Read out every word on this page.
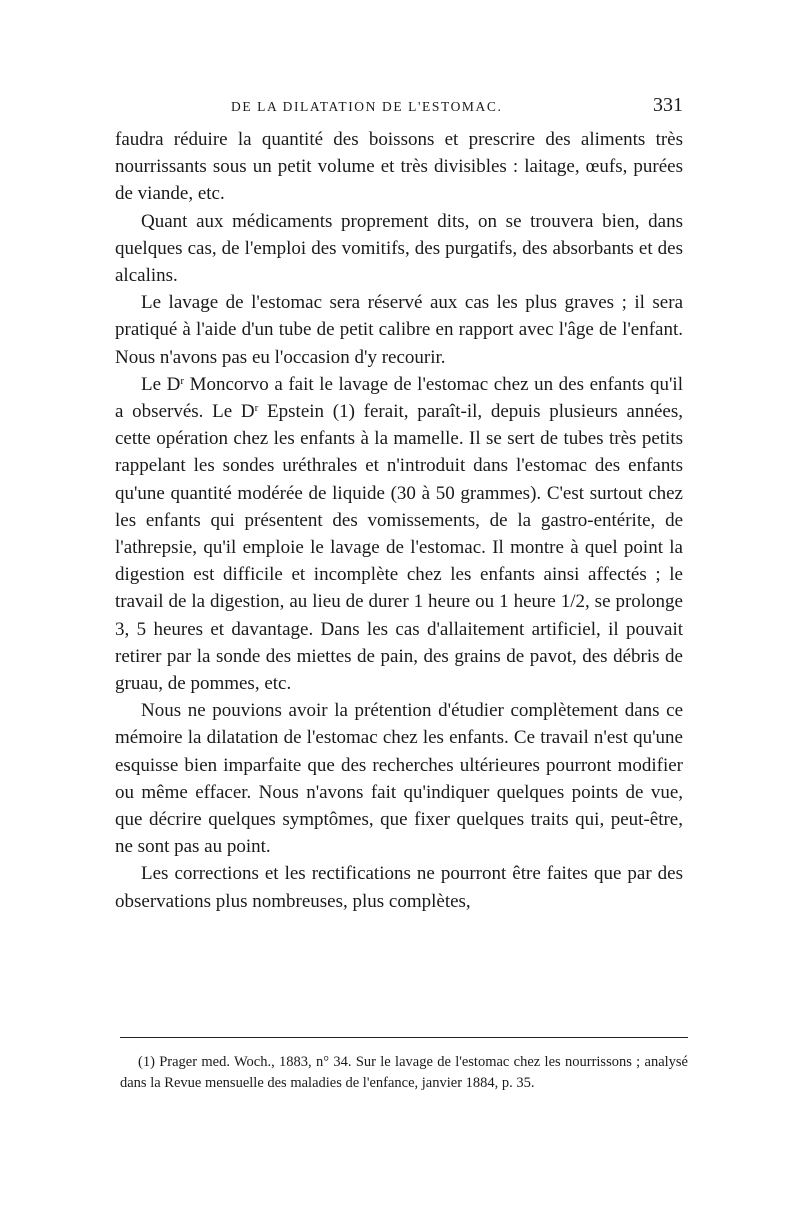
DE LA DILATATION DE L'ESTOMAC.	331

faudra réduire la quantité des boissons et prescrire des aliments très nourrissants sous un petit volume et très divisibles : laitage, œufs, purées de viande, etc.

Quant aux médicaments proprement dits, on se trouvera bien, dans quelques cas, de l'emploi des vomitifs, des purgatifs, des absorbants et des alcalins.

Le lavage de l'estomac sera réservé aux cas les plus graves ; il sera pratiqué à l'aide d'un tube de petit calibre en rapport avec l'âge de l'enfant. Nous n'avons pas eu l'occasion d'y recourir.

Le $D^r$ Moncorvo a fait le lavage de l'estomac chez un des enfants qu'il a observés. Le $D^r$ Epstein (1) ferait, paraît-il, depuis plusieurs années, cette opération chez les enfants à la mamelle. Il se sert de tubes très petits rappelant les sondes uréthrales et n'introduit dans l'estomac des enfants qu'une quantité modérée de liquide (30 à 50 grammes). C'est surtout chez les enfants qui présentent des vomissements, de la gastro-entérite, de l'athrepsie, qu'il emploie le lavage de l'estomac. Il montre à quel point la digestion est difficile et incomplète chez les enfants ainsi affectés ; le travail de la digestion, au lieu de durer 1 heure ou 1 heure 1/2, se prolonge 3, 5 heures et davantage. Dans les cas d'allaitement artificiel, il pouvait retirer par la sonde des miettes de pain, des grains de pavot, des débris de gruau, de pommes, etc.

Nous ne pouvions avoir la prétention d'étudier complètement dans ce mémoire la dilatation de l'estomac chez les enfants. Ce travail n'est qu'une esquisse bien imparfaite que des recherches ultérieures pourront modifier ou même effacer. Nous n'avons fait qu'indiquer quelques points de vue, que décrire quelques symptômes, que fixer quelques traits qui, peut-être, ne sont pas au point.

Les corrections et les rectifications ne pourront être faites que par des observations plus nombreuses, plus complètes,

(1) Prager med. Woch., 1883, n° 34. Sur le lavage de l'estomac chez les nourrissons ; analysé dans la Revue mensuelle des maladies de l'enfance, janvier 1884, p. 35.
